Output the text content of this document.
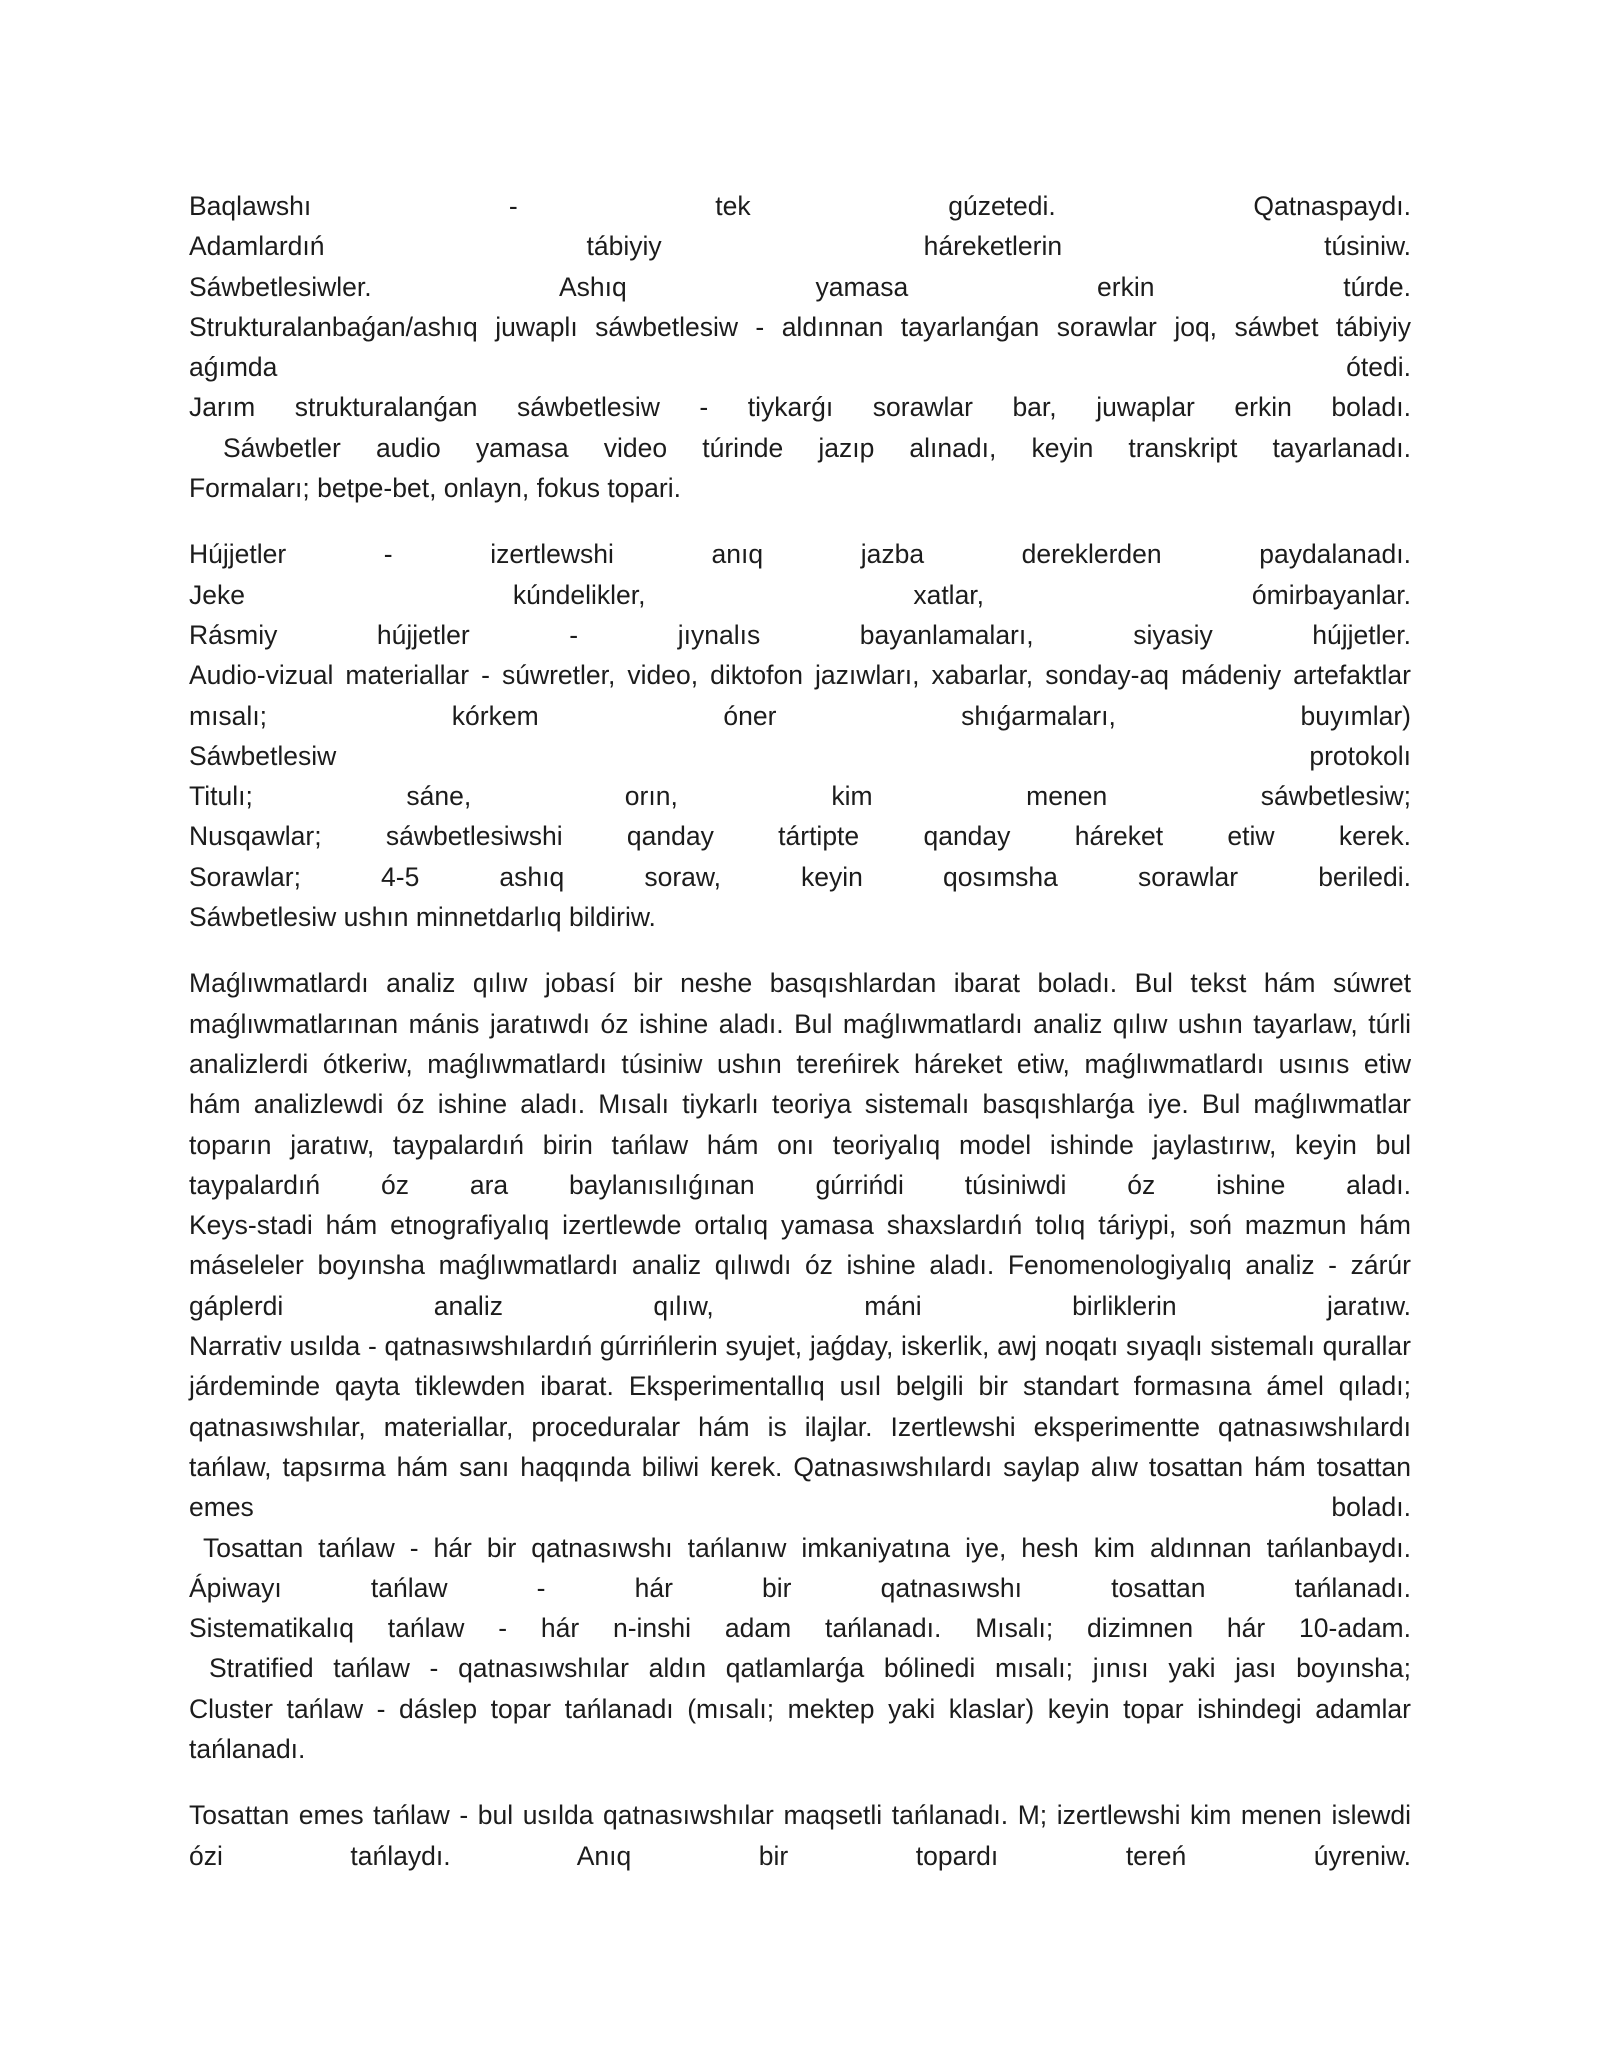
Baqlawshı - tek gúzetedi. Qatnaspaydı.
Adamlardıń tábiyiy háreketlerin túsiniw.
Sáwbetlesiwler. Ashıq yamasa erkin túrde.
Strukturalanbaǵan/ashıq juwaplı sáwbetlesiw - aldınnan tayarlanǵan sorawlar joq, sáwbet tábiyiy
aǵımda ótedi.
Jarım strukturalanǵan sáwbetlesiw - tiykarǵı sorawlar bar, juwaplar erkin boladı.
Sáwbetler audio yamasa video túrinde jazıp alınadı, keyin transkript tayarlanadı.
Formaları; betpe-bet, onlayn, fokus topari.
Hújjetler - izertlewshi anıq jazba dereklerden paydalanadı.
Jeke kúndelikler, xatlar, ómirbayanlar.
Rásmiy hújjetler - jıynalıs bayanlamaları, siyasiy hújjetler.
Audio-vizual materiallar - súwretler, video, diktofon jazıwları, xabarlar, sonday-aq mádeniy artefaktlar
mısalı; kórkem óner shıǵarmaları, buyımlar)
Sáwbetlesiw protokolı
Titulı; sáne, orın, kim menen sáwbetlesiw;
Nusqawlar; sáwbetlesiwshi qanday tártipte qanday háreket etiw kerek.
Sorawlar; 4-5 ashıq soraw, keyin qosımsha sorawlar beriledi.
Sáwbetlesiw ushın minnetdarlıq bildiriw.
Maǵlıwmatlardı analiz qılıw jobasí bir neshe basqıshlardan ibarat boladı. Bul tekst hám súwret
maǵlıwmatlarınan mánis jaratıwdı óz ishine aladı. Bul maǵlıwmatlardı analiz qılıw ushın tayarlaw, túrli
analizlerdi ótkeriw, maǵlıwmatlardı túsiniw ushın tereńirek háreket etiw, maǵlıwmatlardı usınıs etiw
hám analizlewdi óz ishine aladı. Mısalı tiykarlı teoriya sistemalı basqıshlarǵa iye. Bul maǵlıwmatlar
toparın jaratıw, taypalardıń birin tańlaw hám onı teoriyalıq model ishinde jaylastırıw, keyin bul
taypalardıń óz ara baylanısılıǵınan gúrrińdi túsiniwdi óz ishine aladı.
Keys-stadi hám etnografiyalıq izertlewde ortalıq yamasa shaxslardıń tolıq táriypi, soń mazmun hám
máseleler boyınsha maǵlıwmatlardı analiz qılıwdı óz ishine aladı. Fenomenologiyalıq analiz - zárúr
gáplerdi analiz qılıw, máni birliklerin jaratıw.
Narrativ usılda - qatnasıwshılardıń gúrrińlerin syujet, jaǵday, iskerlik, awj noqatı sıyaqlı sistemalı qurallar
járdeminde qayta tiklewden ibarat. Eksperimentallıq usıl belgili bir standart formasına ámel qıladı;
qatnasıwshılar, materiallar, proceduralar hám is ilajlar. Izertlewshi eksperimentte qatnasıwshılardı
tańlaw, tapsırma hám sanı haqqında biliwi kerek. Qatnasıwshılardı saylap alıw tosattan hám tosattan
emes boladı.
Tosattan tańlaw - hár bir qatnasıwshı tańlanıw imkaniyatına iye, hesh kim aldınnan tańlanbaydı.
Ápiwayı tańlaw - hár bir qatnasıwshı tosattan tańlanadı.
Sistematikalıq tańlaw - hár n-inshi adam tańlanadı. Mısalı; dizimnen hár 10-adam.
Stratified tańlaw - qatnasıwshılar aldın qatlamlarǵa bólinedi mısalı; jınısı yaki jası boyınsha;
Cluster tańlaw - dáslep topar tańlanadı (mısalı; mektep yaki klaslar) keyin topar ishindegi adamlar
tańlanadı.
Tosattan emes tańlaw - bul usılda qatnasıwshılar maqsetli tańlanadı. M; izertlewshi kim menen islewdi
ózi tańlaydı. Anıq bir topardı tereń úyreniw.
